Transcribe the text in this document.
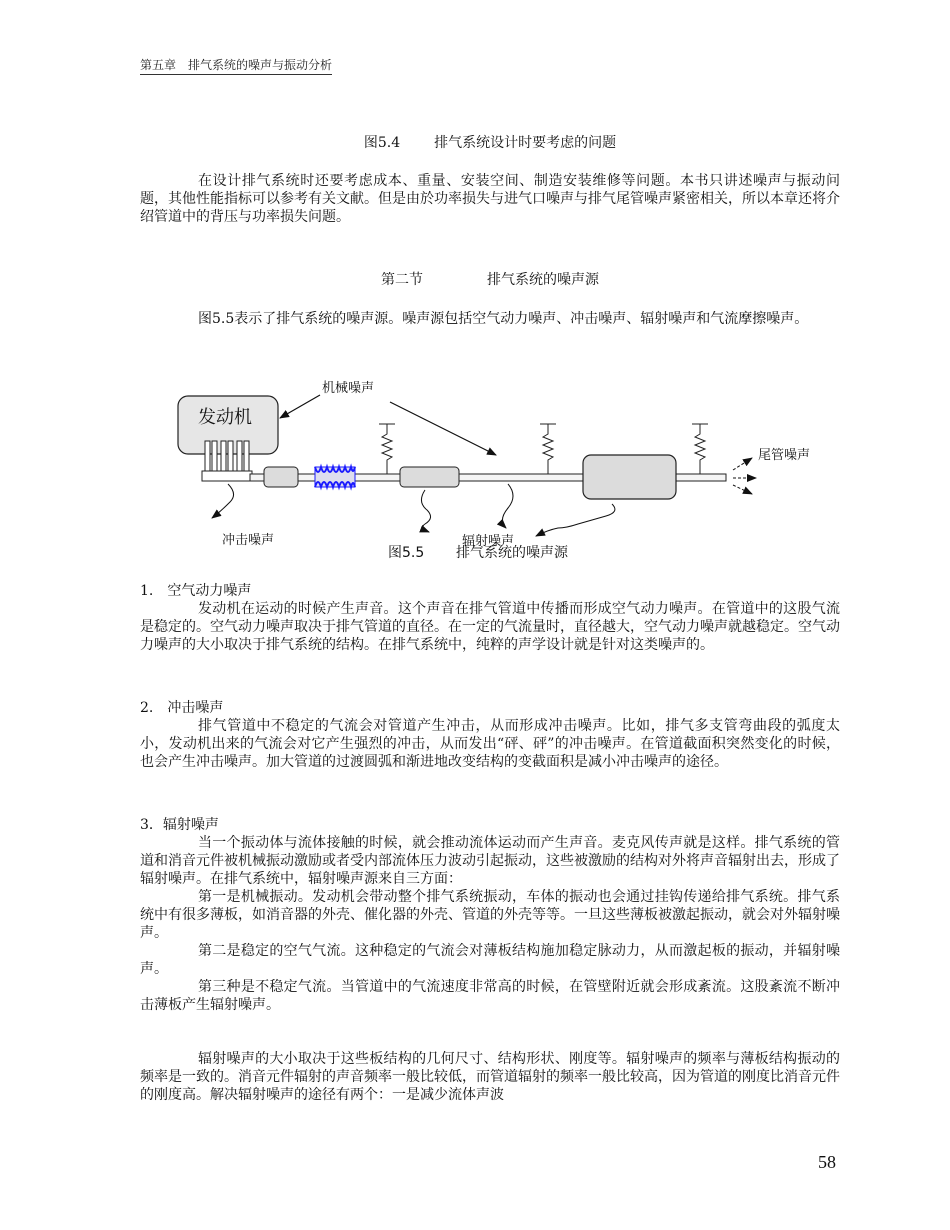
第五章　排气系统的噪声与振动分析
图5.4 排气系统设计时要考虑的问题
在设计排气系统时还要考虑成本、重量、安装空间、制造安装维修等问题。本书只讲述噪声与振动问题，其他性能指标可以参考有关文献。但是由於功率损失与进气口噪声与排气尾管噪声紧密相关，所以本章还将介绍管道中的背压与功率损失问题。
第二节	排气系统的噪声源
图5.5表示了排气系统的噪声源。噪声源包括空气动力噪声、冲击噪声、辐射噪声和气流摩擦噪声。
发动机
机械噪声
尾管噪声
冲击噪声	辐射噪声
图5.5 排气系统的噪声源
1.　空气动力噪声
发动机在运动的时候产生声音。这个声音在排气管道中传播而形成空气动力噪声。在管道中的这股气流是稳定的。空气动力噪声取决于排气管道的直径。在一定的气流量时，直径越大，空气动力噪声就越稳定。空气动力噪声的大小取决于排气系统的结构。在排气系统中，纯粹的声学设计就是针对这类噪声的。
2.　冲击噪声
排气管道中不稳定的气流会对管道产生冲击，从而形成冲击噪声。比如，排气多支管弯曲段的弧度太小，发动机出来的气流会对它产生强烈的冲击，从而发出“砰、砰”的冲击噪声。在管道截面积突然变化的时候，也会产生冲击噪声。加大管道的过渡圆弧和渐进地改变结构的变截面积是减小冲击噪声的途径。
3．辐射噪声
当一个振动体与流体接触的时候，就会推动流体运动而产生声音。麦克风传声就是这样。排气系统的管道和消音元件被机械振动激励或者受内部流体压力波动引起振动，这些被激励的结构对外将声音辐射出去，形成了辐射噪声。在排气系统中，辐射噪声源来自三方面：
第一是机械振动。发动机会带动整个排气系统振动，车体的振动也会通过挂钩传递给排气系统。排气系统中有很多薄板，如消音器的外壳、催化器的外壳、管道的外壳等等。一旦这些薄板被激起振动，就会对外辐射噪声。
第二是稳定的空气气流。这种稳定的气流会对薄板结构施加稳定脉动力，从而激起板的振动，并辐射噪声。
第三种是不稳定气流。当管道中的气流速度非常高的时候，在管壁附近就会形成紊流。这股紊流不断冲击薄板产生辐射噪声。
辐射噪声的大小取决于这些板结构的几何尺寸、结构形状、刚度等。辐射噪声的频率与薄板结构振动的频率是一致的。消音元件辐射的声音频率一般比较低，而管道辐射的频率一般比较高，因为管道的刚度比消音元件的刚度高。解决辐射噪声的途径有两个：一是减少流体声波
58
